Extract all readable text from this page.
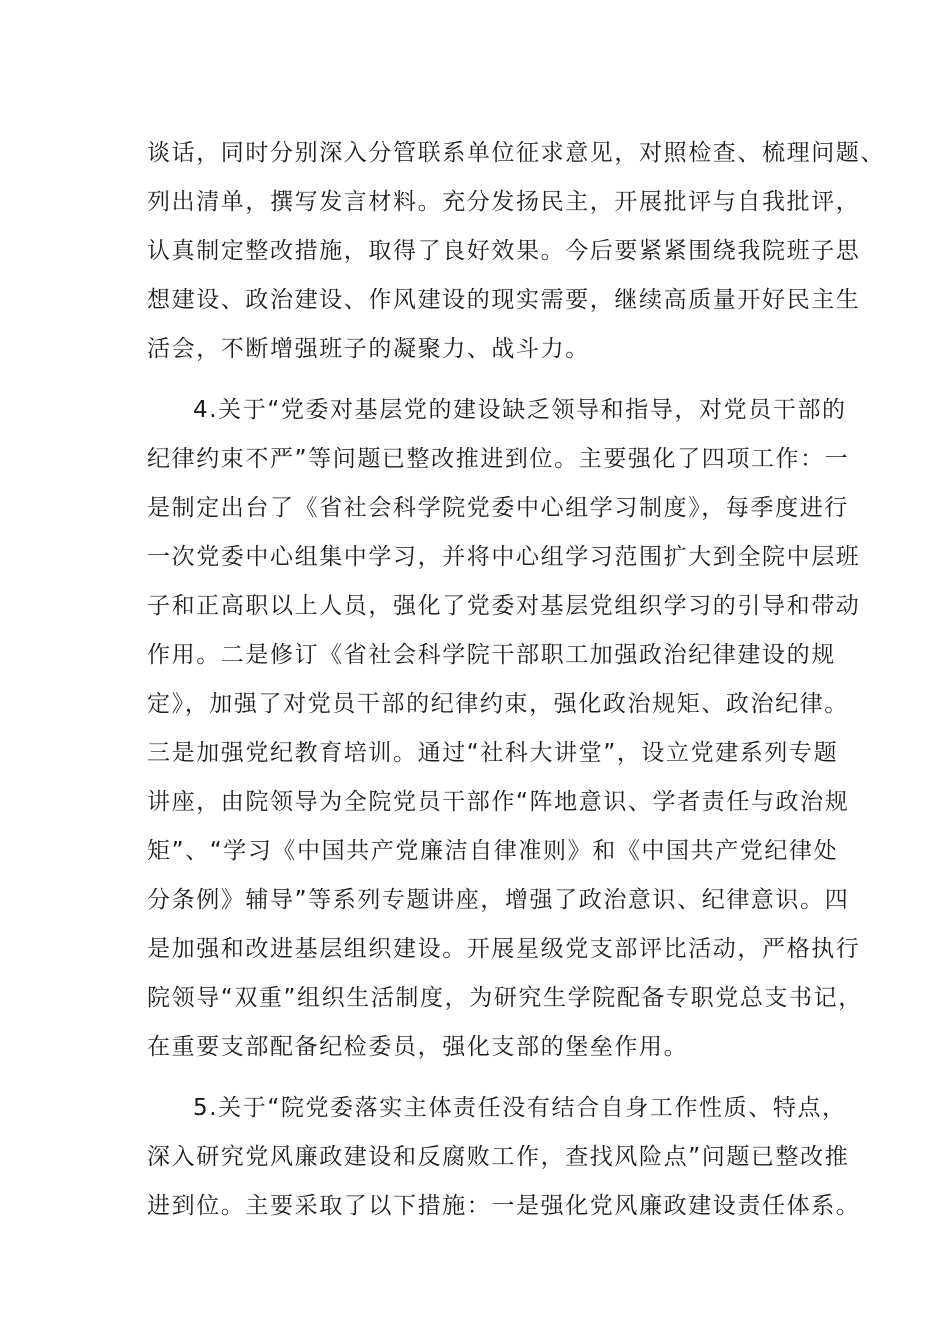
谈话，同时分别深入分管联系单位征求意见，对照检查、梳理问题、
列出清单，撰写发言材料。充分发扬民主，开展批评与自我批评，
认真制定整改措施，取得了良好效果。今后要紧紧围绕我院班子思
想建设、政治建设、作风建设的现实需要，继续高质量开好民主生
活会，不断增强班子的凝聚力、战斗力。
4.关于“党委对基层党的建设缺乏领导和指导，对党员干部的
纪律约束不严”等问题已整改推进到位。主要强化了四项工作：一
是制定出台了《省社会科学院党委中心组学习制度》，每季度进行
一次党委中心组集中学习，并将中心组学习范围扩大到全院中层班
子和正高职以上人员，强化了党委对基层党组织学习的引导和带动
作用。二是修订《省社会科学院干部职工加强政治纪律建设的规
定》，加强了对党员干部的纪律约束，强化政治规矩、政治纪律。
三是加强党纪教育培训。通过“社科大讲堂”，设立党建系列专题
讲座，由院领导为全院党员干部作“阵地意识、学者责任与政治规
矩”、“学习《中国共产党廉洁自律准则》和《中国共产党纪律处
分条例》辅导”等系列专题讲座，增强了政治意识、纪律意识。四
是加强和改进基层组织建设。开展星级党支部评比活动，严格执行
院领导“双重”组织生活制度，为研究生学院配备专职党总支书记，
在重要支部配备纪检委员，强化支部的堡垒作用。
5.关于“院党委落实主体责任没有结合自身工作性质、特点，
深入研究党风廉政建设和反腐败工作，查找风险点”问题已整改推
进到位。主要采取了以下措施：一是强化党风廉政建设责任体系。
